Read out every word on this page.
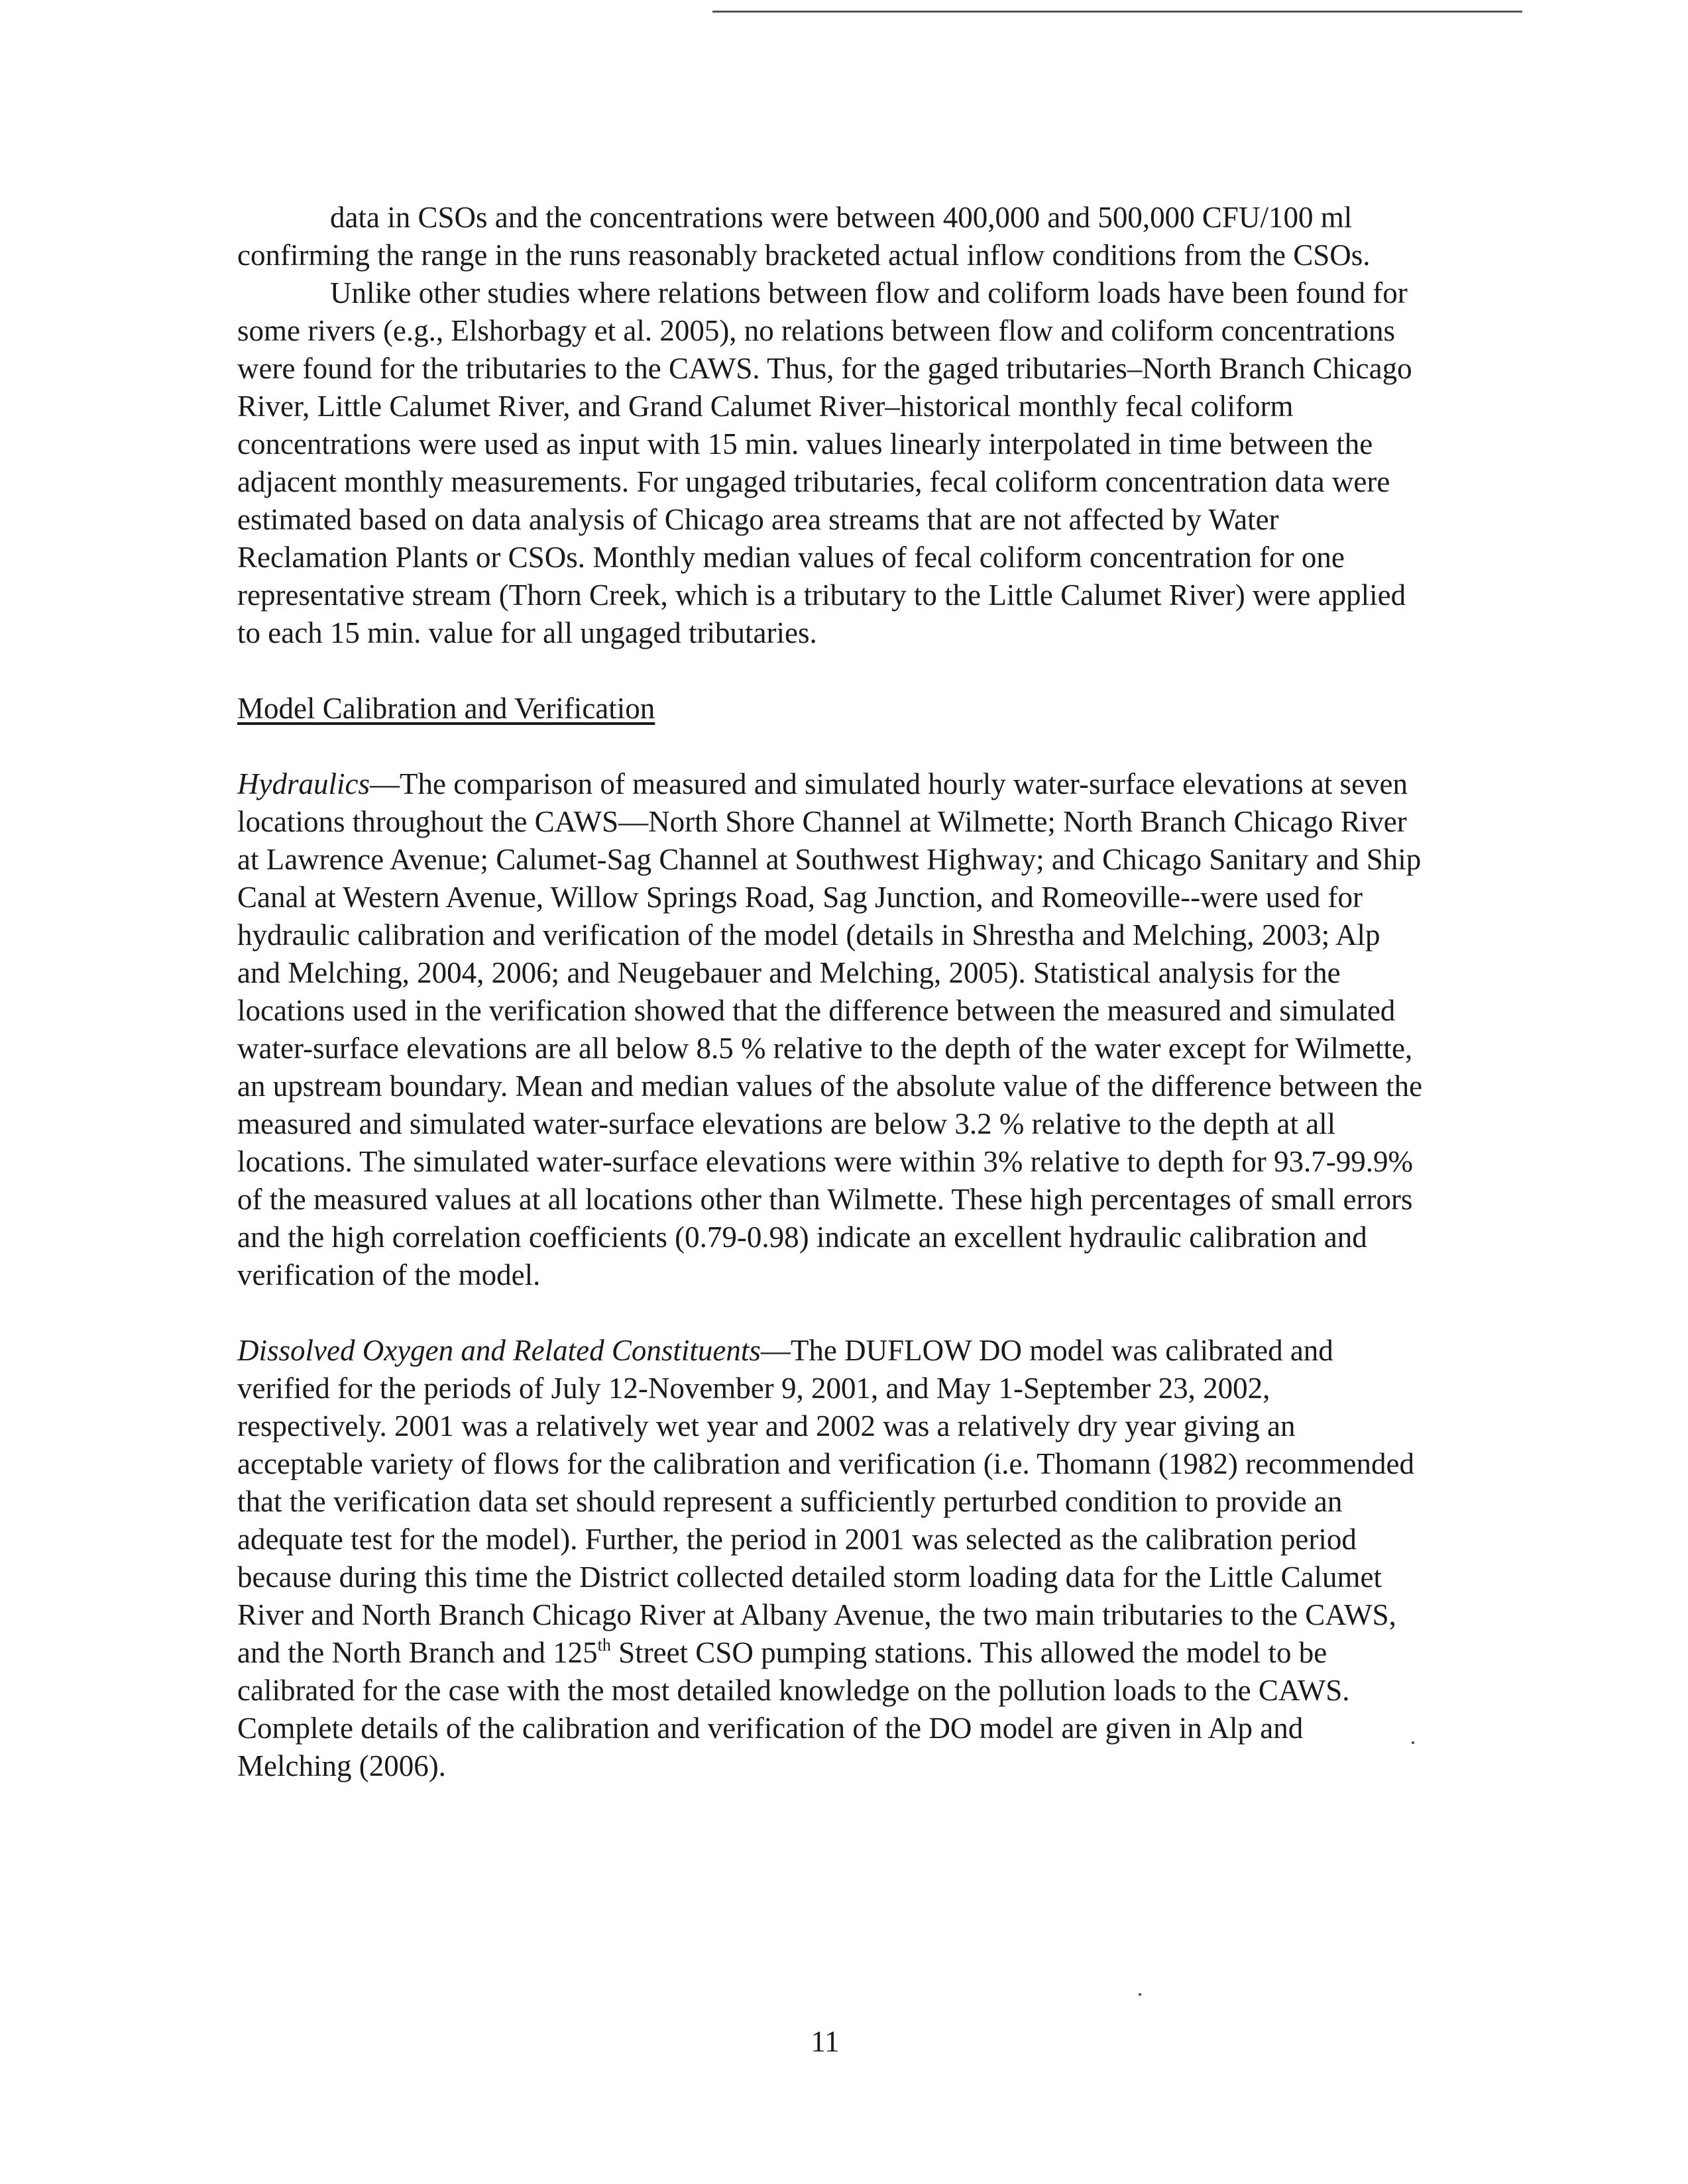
data in CSOs and the concentrations were between 400,000 and 500,000 CFU/100 ml confirming the range in the runs reasonably bracketed actual inflow conditions from the CSOs.

Unlike other studies where relations between flow and coliform loads have been found for some rivers (e.g., Elshorbagy et al. 2005), no relations between flow and coliform concentrations were found for the tributaries to the CAWS. Thus, for the gaged tributaries–North Branch Chicago River, Little Calumet River, and Grand Calumet River–historical monthly fecal coliform concentrations were used as input with 15 min. values linearly interpolated in time between the adjacent monthly measurements. For ungaged tributaries, fecal coliform concentration data were estimated based on data analysis of Chicago area streams that are not affected by Water Reclamation Plants or CSOs. Monthly median values of fecal coliform concentration for one representative stream (Thorn Creek, which is a tributary to the Little Calumet River) were applied to each 15 min. value for all ungaged tributaries.

Model Calibration and Verification

Hydraulics—The comparison of measured and simulated hourly water-surface elevations at seven locations throughout the CAWS—North Shore Channel at Wilmette; North Branch Chicago River at Lawrence Avenue; Calumet-Sag Channel at Southwest Highway; and Chicago Sanitary and Ship Canal at Western Avenue, Willow Springs Road, Sag Junction, and Romeoville--were used for hydraulic calibration and verification of the model (details in Shrestha and Melching, 2003; Alp and Melching, 2004, 2006; and Neugebauer and Melching, 2005). Statistical analysis for the locations used in the verification showed that the difference between the measured and simulated water-surface elevations are all below 8.5 % relative to the depth of the water except for Wilmette, an upstream boundary. Mean and median values of the absolute value of the difference between the measured and simulated water-surface elevations are below 3.2 % relative to the depth at all locations. The simulated water-surface elevations were within 3% relative to depth for 93.7-99.9% of the measured values at all locations other than Wilmette. These high percentages of small errors and the high correlation coefficients (0.79-0.98) indicate an excellent hydraulic calibration and verification of the model.

Dissolved Oxygen and Related Constituents—The DUFLOW DO model was calibrated and verified for the periods of July 12-November 9, 2001, and May 1-September 23, 2002, respectively. 2001 was a relatively wet year and 2002 was a relatively dry year giving an acceptable variety of flows for the calibration and verification (i.e. Thomann (1982) recommended that the verification data set should represent a sufficiently perturbed condition to provide an adequate test for the model). Further, the period in 2001 was selected as the calibration period because during this time the District collected detailed storm loading data for the Little Calumet River and North Branch Chicago River at Albany Avenue, the two main tributaries to the CAWS, and the North Branch and 125th Street CSO pumping stations. This allowed the model to be calibrated for the case with the most detailed knowledge on the pollution loads to the CAWS. Complete details of the calibration and verification of the DO model are given in Alp and Melching (2006).

11
